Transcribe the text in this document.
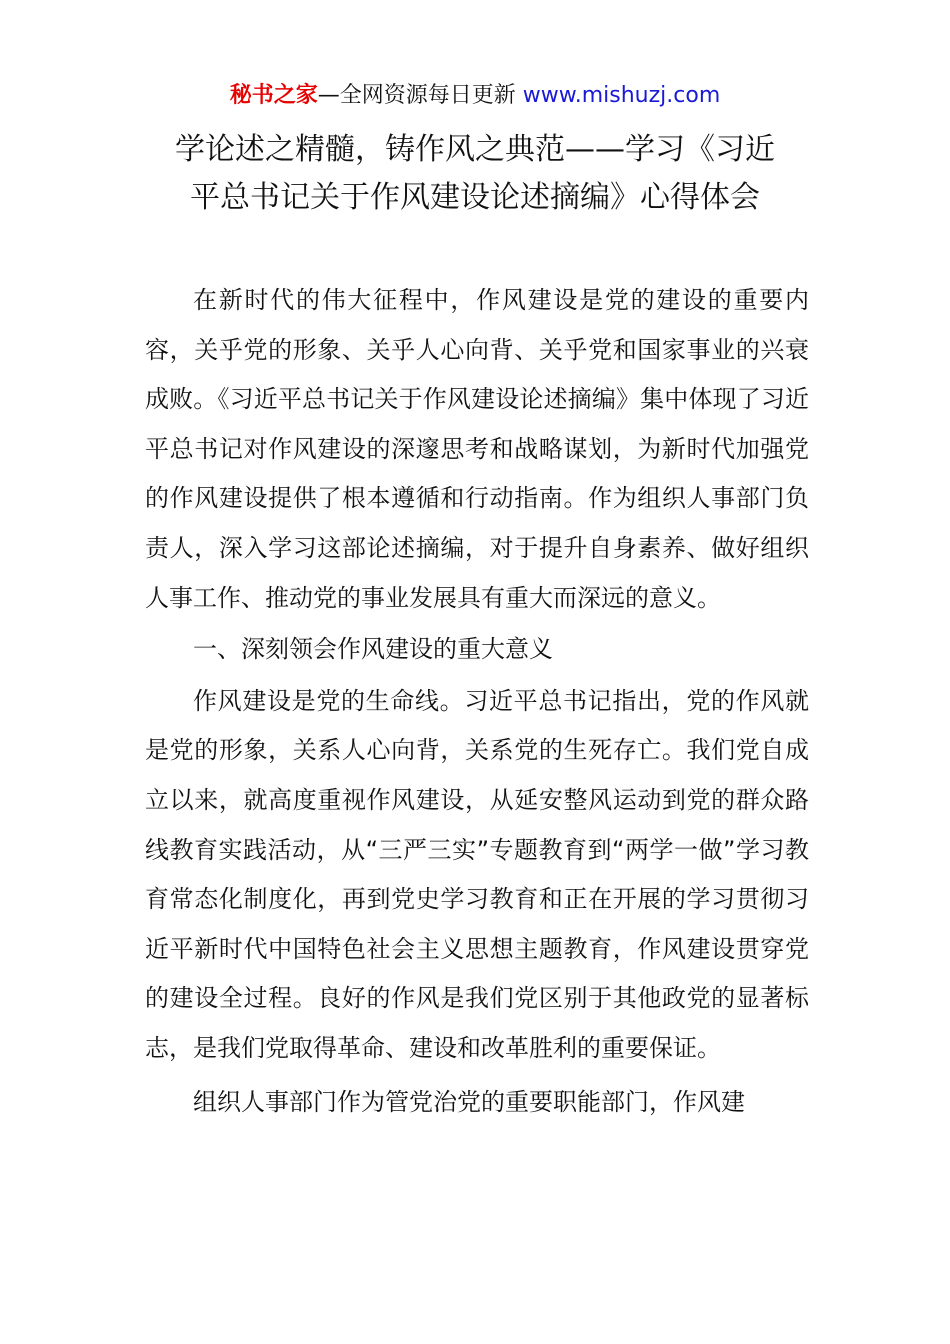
秘书之家—全网资源每日更新 www.mishuzj.com
学论述之精髓，铸作风之典范——学习《习近
平总书记关于作风建设论述摘编》心得体会

在新时代的伟大征程中，作风建设是党的建设的重要内容，关乎党的形象、关乎人心向背、关乎党和国家事业的兴衰成败。《习近平总书记关于作风建设论述摘编》集中体现了习近平总书记对作风建设的深邃思考和战略谋划，为新时代加强党的作风建设提供了根本遵循和行动指南。作为组织人事部门负责人，深入学习这部论述摘编，对于提升自身素养、做好组织人事工作、推动党的事业发展具有重大而深远的意义。

一、深刻领会作风建设的重大意义

作风建设是党的生命线。习近平总书记指出，党的作风就是党的形象，关系人心向背，关系党的生死存亡。我们党自成立以来，就高度重视作风建设，从延安整风运动到党的群众路线教育实践活动，从“三严三实”专题教育到“两学一做”学习教育常态化制度化，再到党史学习教育和正在开展的学习贯彻习近平新时代中国特色社会主义思想主题教育，作风建设贯穿党的建设全过程。良好的作风是我们党区别于其他政党的显著标志，是我们党取得革命、建设和改革胜利的重要保证。

组织人事部门作为管党治党的重要职能部门，作风建
